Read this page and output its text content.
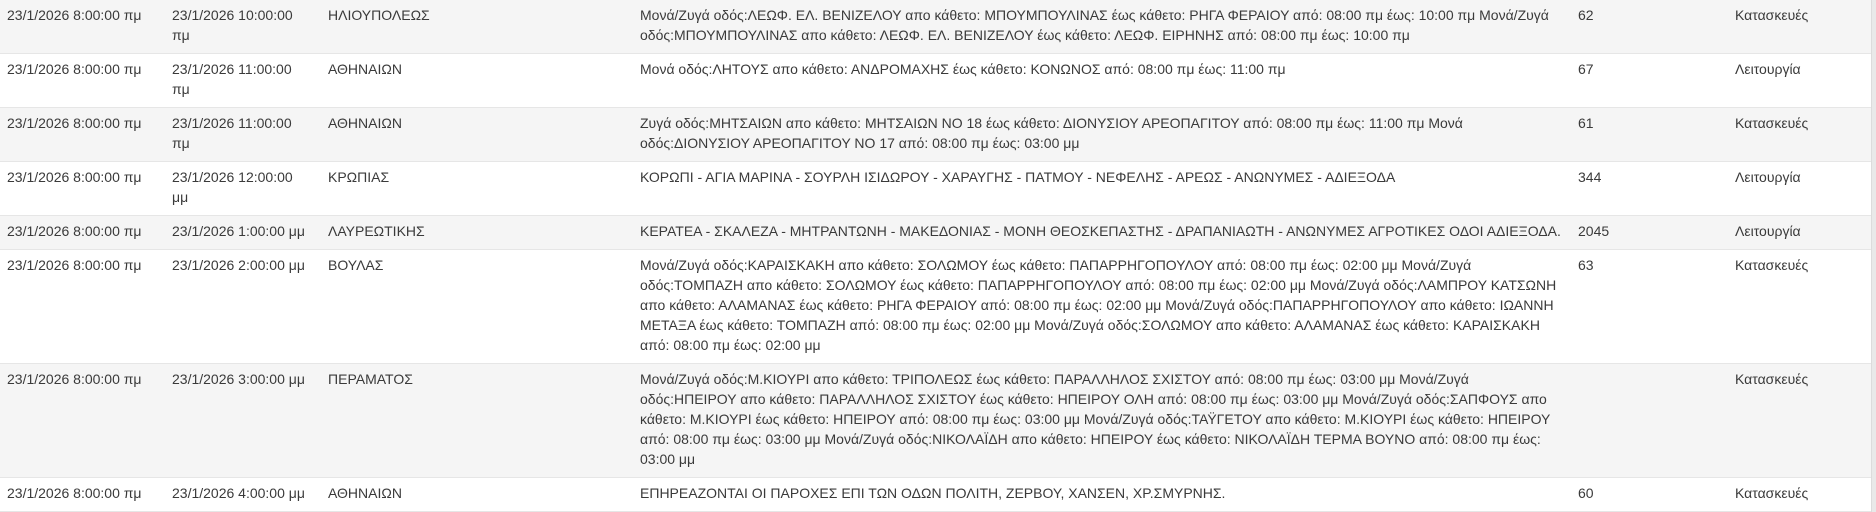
23/1/2026 8:00:00 πμ	23/1/2026 10:00:00 πμ	ΗΛΙΟΥΠΟΛΕΩΣ	Μονά/Ζυγά οδός:ΛΕΩΦ. ΕΛ. ΒΕΝΙΖΕΛΟΥ απο κάθετο: ΜΠΟΥΜΠΟΥΛΙΝΑΣ έως κάθετο: ΡΗΓΑ ΦΕΡΑΙΟΥ από: 08:00 πμ έως: 10:00 πμ Μονά/Ζυγά οδός:ΜΠΟΥΜΠΟΥΛΙΝΑΣ απο κάθετο: ΛΕΩΦ. ΕΛ. ΒΕΝΙΖΕΛΟΥ έως κάθετο: ΛΕΩΦ. ΕΙΡΗΝΗΣ από: 08:00 πμ έως: 10:00 πμ	62	Κατασκευές
23/1/2026 8:00:00 πμ	23/1/2026 11:00:00 πμ	ΑΘΗΝΑΙΩΝ	Μονά οδός:ΛΗΤΟΥΣ απο κάθετο: ΑΝΔΡΟΜΑΧΗΣ έως κάθετο: ΚΟΝΩΝΟΣ από: 08:00 πμ έως: 11:00 πμ	67	Λειτουργία
23/1/2026 8:00:00 πμ	23/1/2026 11:00:00 πμ	ΑΘΗΝΑΙΩΝ	Ζυγά οδός:ΜΗΤΣΑΙΩΝ απο κάθετο: ΜΗΤΣΑΙΩΝ ΝΟ 18 έως κάθετο: ΔΙΟΝΥΣΙΟΥ ΑΡΕΟΠΑΓΙΤΟΥ από: 08:00 πμ έως: 11:00 πμ Μονά οδός:ΔΙΟΝΥΣΙΟΥ ΑΡΕΟΠΑΓΙΤΟΥ ΝΟ 17 από: 08:00 πμ έως: 03:00 μμ	61	Κατασκευές
23/1/2026 8:00:00 πμ	23/1/2026 12:00:00 μμ	ΚΡΩΠΙΑΣ	ΚΟΡΩΠΙ - ΑΓΙΑ ΜΑΡΙΝΑ - ΣΟΥΡΛΗ ΙΣΙΔΩΡΟΥ - ΧΑΡΑΥΓΗΣ - ΠΑΤΜΟΥ - ΝΕΦΕΛΗΣ - ΑΡΕΩΣ - ΑΝΩΝΥΜΕΣ - ΑΔΙΕΞΟΔΑ	344	Λειτουργία
23/1/2026 8:00:00 πμ	23/1/2026 1:00:00 μμ	ΛΑΥΡΕΩΤΙΚΗΣ	ΚΕΡΑΤΕΑ - ΣΚΑΛΕΖΑ - ΜΗΤΡΑΝΤΩΝΗ - ΜΑΚΕΔΟΝΙΑΣ - ΜΟΝΗ ΘΕΟΣΚΕΠΑΣΤΗΣ - ΔΡΑΠΑΝΙΑΩΤΗ - ΑΝΩΝΥΜΕΣ ΑΓΡΟΤΙΚΕΣ ΟΔΟΙ ΑΔΙΕΞΟΔΑ.	2045	Λειτουργία
23/1/2026 8:00:00 πμ	23/1/2026 2:00:00 μμ	ΒΟΥΛΑΣ	Μονά/Ζυγά οδός:ΚΑΡΑΙΣΚΑΚΗ απο κάθετο: ΣΟΛΩΜΟΥ έως κάθετο: ΠΑΠΑΡΡΗΓΟΠΟΥΛΟΥ από: 08:00 πμ έως: 02:00 μμ Μονά/Ζυγά οδός:ΤΟΜΠΑΖΗ απο κάθετο: ΣΟΛΩΜΟΥ έως κάθετο: ΠΑΠΑΡΡΗΓΟΠΟΥΛΟΥ από: 08:00 πμ έως: 02:00 μμ Μονά/Ζυγά οδός:ΛΑΜΠΡΟΥ ΚΑΤΣΩΝΗ απο κάθετο: ΑΛΑΜΑΝΑΣ έως κάθετο: ΡΗΓΑ ΦΕΡΑΙΟΥ από: 08:00 πμ έως: 02:00 μμ Μονά/Ζυγά οδός:ΠΑΠΑΡΡΗΓΟΠΟΥΛΟΥ απο κάθετο: ΙΩΑΝΝΗ ΜΕΤΑΞΑ έως κάθετο: ΤΟΜΠΑΖΗ από: 08:00 πμ έως: 02:00 μμ Μονά/Ζυγά οδός:ΣΟΛΩΜΟΥ απο κάθετο: ΑΛΑΜΑΝΑΣ έως κάθετο: ΚΑΡΑΙΣΚΑΚΗ από: 08:00 πμ έως: 02:00 μμ	63	Κατασκευές
23/1/2026 8:00:00 πμ	23/1/2026 3:00:00 μμ	ΠΕΡΑΜΑΤΟΣ	Μονά/Ζυγά οδός:Μ.ΚΙΟΥΡΙ απο κάθετο: ΤΡΙΠΟΛΕΩΣ έως κάθετο: ΠΑΡΑΛΛΗΛΟΣ ΣΧΙΣΤΟΥ από: 08:00 πμ έως: 03:00 μμ Μονά/Ζυγά οδός:ΗΠΕΙΡΟΥ απο κάθετο: ΠΑΡΑΛΛΗΛΟΣ ΣΧΙΣΤΟΥ έως κάθετο: ΗΠΕΙΡΟΥ ΟΛΗ από: 08:00 πμ έως: 03:00 μμ Μονά/Ζυγά οδός:ΣΑΠΦΟΥΣ απο κάθετο: Μ.ΚΙΟΥΡΙ έως κάθετο: ΗΠΕΙΡΟΥ από: 08:00 πμ έως: 03:00 μμ Μονά/Ζυγά οδός:ΤΑΫΓΕΤΟΥ απο κάθετο: Μ.ΚΙΟΥΡΙ έως κάθετο: ΗΠΕΙΡΟΥ από: 08:00 πμ έως: 03:00 μμ Μονά/Ζυγά οδός:ΝΙΚΟΛΑΪΔΗ απο κάθετο: ΗΠΕΙΡΟΥ έως κάθετο: ΝΙΚΟΛΑΪΔΗ ΤΕΡΜΑ ΒΟΥΝΟ από: 08:00 πμ έως: 03:00 μμ		Κατασκευές
23/1/2026 8:00:00 πμ	23/1/2026 4:00:00 μμ	ΑΘΗΝΑΙΩΝ	ΕΠΗΡΕΑΖΟΝΤΑΙ ΟΙ ΠΑΡΟΧΕΣ ΕΠΙ ΤΩΝ ΟΔΩΝ ΠΟΛΙΤΗ, ΖΕΡΒΟΥ, ΧΑΝΣΕΝ, ΧΡ.ΣΜΥΡΝΗΣ.	60	Κατασκευές
